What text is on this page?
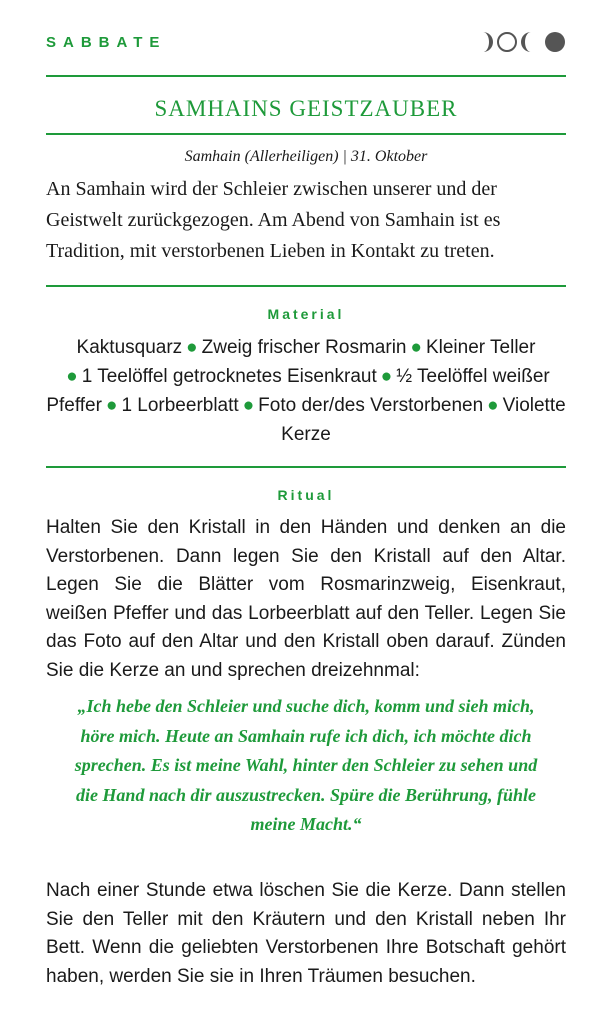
SABBATE
SAMHAINS GEISTZAUBER
Samhain (Allerheiligen) | 31. Oktober
An Samhain wird der Schleier zwischen unserer und der Geistwelt zurückgezogen. Am Abend von Samhain ist es Tradition, mit verstorbenen Lieben in Kontakt zu treten.
Material
Kaktusquarz ● Zweig frischer Rosmarin ● Kleiner Teller
● 1 Teelöffel getrocknetes Eisenkraut ● ½ Teelöffel weißer Pfeffer ● 1 Lorbeerblatt ● Foto der/des Verstorbenen ● Violette Kerze
Ritual

Halten Sie den Kristall in den Händen und denken an die Verstorbenen. Dann legen Sie den Kristall auf den Altar. Legen Sie die Blätter vom Rosmarinzweig, Eisenkraut, weißen Pfeffer und das Lorbeerblatt auf den Teller. Legen Sie das Foto auf den Altar und den Kristall oben darauf. Zünden Sie die Kerze an und sprechen dreizehnmal:

„Ich hebe den Schleier und suche dich, komm und sieh mich, höre mich. Heute an Samhain rufe ich dich, ich möchte dich sprechen. Es ist meine Wahl, hinter den Schleier zu sehen und die Hand nach dir auszustrecken. Spüre die Berührung, fühle meine Macht.“
Nach einer Stunde etwa löschen Sie die Kerze. Dann stellen Sie den Teller mit den Kräutern und den Kristall neben Ihr Bett. Wenn die geliebten Verstorbenen Ihre Botschaft gehört haben, werden Sie sie in Ihren Träumen besuchen.
